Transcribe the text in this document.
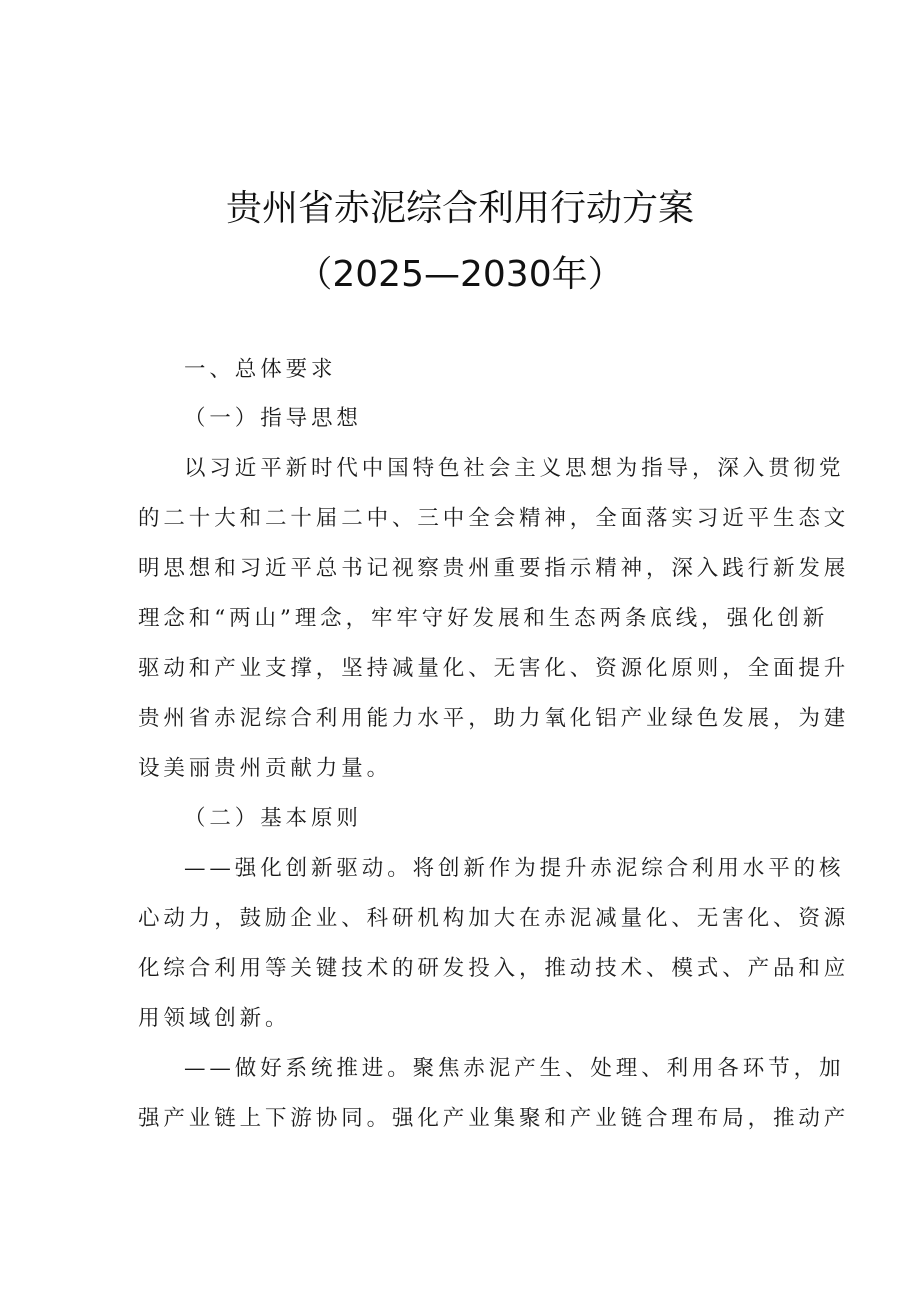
贵州省赤泥综合利用行动方案
（2025—2030年）

一、总体要求

（一）指导思想

以习近平新时代中国特色社会主义思想为指导，深入贯彻党

的二十大和二十届二中、三中全会精神，全面落实习近平生态文

明思想和习近平总书记视察贵州重要指示精神，深入践行新发展

理念和“两山”理念，牢牢守好发展和生态两条底线，强化创新

驱动和产业支撑，坚持减量化、无害化、资源化原则，全面提升

贵州省赤泥综合利用能力水平，助力氧化铝产业绿色发展，为建

设美丽贵州贡献力量。

（二）基本原则

——强化创新驱动。将创新作为提升赤泥综合利用水平的核

心动力，鼓励企业、科研机构加大在赤泥减量化、无害化、资源

化综合利用等关键技术的研发投入，推动技术、模式、产品和应

用领域创新。

——做好系统推进。聚焦赤泥产生、处理、利用各环节，加

强产业链上下游协同。强化产业集聚和产业链合理布局，推动产
